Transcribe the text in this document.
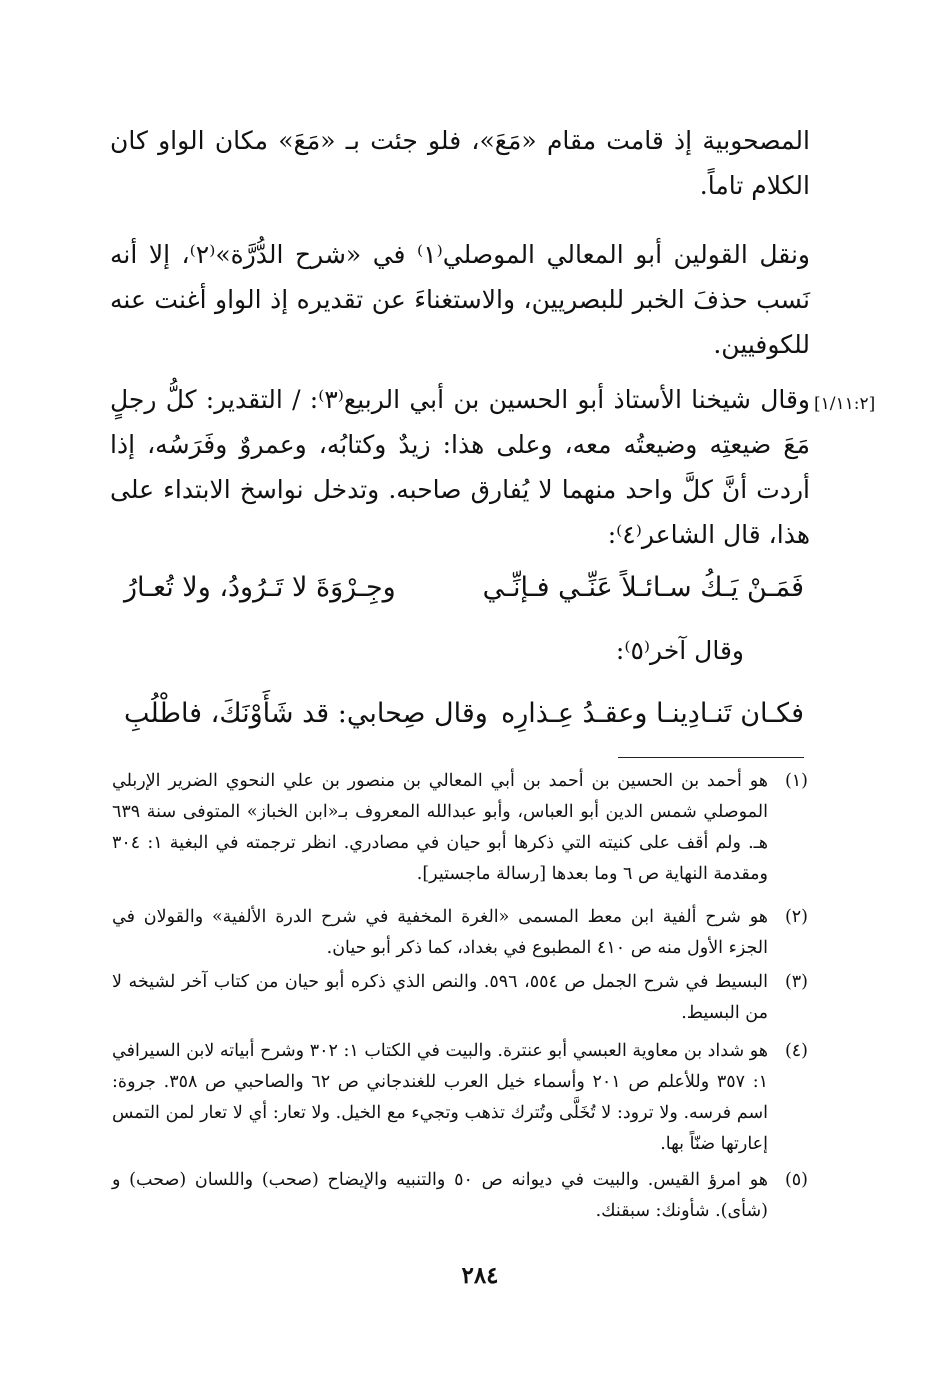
[١/١١:٢]
المصحوبية إذ قامت مقام «مَعَ»، فلو جئت بـ «مَعَ» مكان الواو كان الكلام تاماً.
ونقل القولين أبو المعالي الموصلي⁽١⁾ في «شرح الدُّرَّة»⁽٢⁾، إلا أنه نَسب حذفَ الخبر للبصريين، والاستغناءَ عن تقديره إذ الواو أغنت عنه للكوفيين.
وقال شيخنا الأستاذ أبو الحسين بن أبي الربيع⁽٣⁾: / التقدير: كلُّ رجلٍ مَعَ ضيعتِه وضيعتُه معه، وعلى هذا: زيدٌ وكتابُه، وعمروٌ وفَرَسُه، إذا أردت أنَّ كلَّ واحد منهما لا يُفارق صاحبه. وتدخل نواسخ الابتداء على هذا، قال الشاعر⁽٤⁾:
فَمَـنْ يَـكُ سـائـلاً عَنِّـي فـإنِّـي
وجِـرْوَةَ لا تَـرُودُ، ولا تُعـارُ
وقال آخر⁽٥⁾:
فكـان تَنـادِينـا وعقـدُ عِـذارِه
وقال صِحابي: قد شَأَوْنَكَ، فاطْلُبِ
(١)
هو أحمد بن الحسين بن أحمد بن أبي المعالي بن منصور بن علي النحوي الضرير الإربلي الموصلي شمس الدين أبو العباس، وأبو عبدالله المعروف بـ«ابن الخباز» المتوفى سنة ٦٣٩ هـ. ولم أقف على كنيته التي ذكرها أبو حيان في مصادري. انظر ترجمته في البغية ١: ٣٠٤ ومقدمة النهاية ص ٦ وما بعدها [رسالة ماجستير].
(٢)
هو شرح ألفية ابن معط المسمى «الغرة المخفية في شرح الدرة الألفية» والقولان في الجزء الأول منه ص ٤١٠ المطبوع في بغداد، كما ذكر أبو حيان.
(٣)
البسيط في شرح الجمل ص ٥٥٤، ٥٩٦. والنص الذي ذكره أبو حيان من كتاب آخر لشيخه لا من البسيط.
(٤)
هو شداد بن معاوية العبسي أبو عنترة. والبيت في الكتاب ١: ٣٠٢ وشرح أبياته لابن السيرافي ١: ٣٥٧ وللأعلم ص ٢٠١ وأسماء خيل العرب للغندجاني ص ٦٢ والصاحبي ص ٣٥٨. جروة: اسم فرسه. ولا ترود: لا تُخَلَّى وتُترك تذهب وتجيء مع الخيل. ولا تعار: أي لا تعار لمن التمس إعارتها ضنّاً بها.
(٥)
هو امرؤ القيس. والبيت في ديوانه ص ٥٠ والتنبيه والإيضاح (صحب) واللسان (صحب) و (شأى). شأونك: سبقنك.
٢٨٤
